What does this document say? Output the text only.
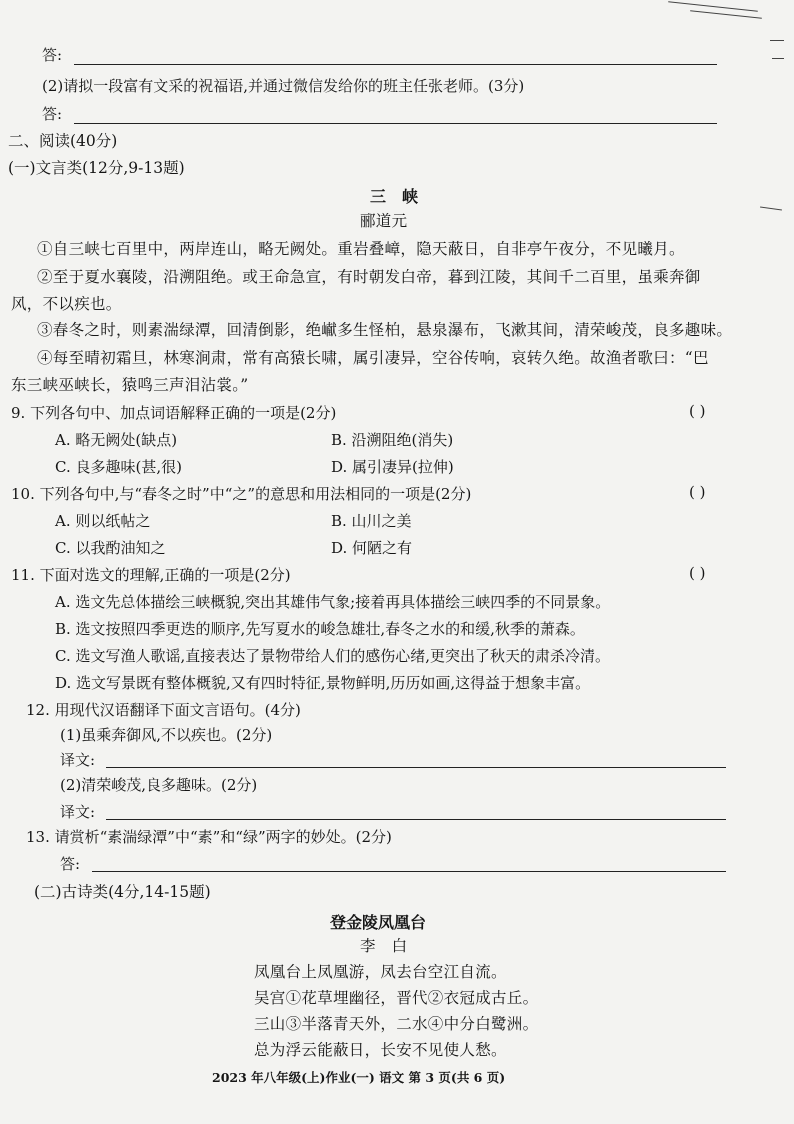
答:
(2)请拟一段富有文采的祝福语,并通过微信发给你的班主任张老师。(3分)
答:
二、阅读(40分)
(一)文言类(12分,9-13题)
三　峡
郦道元
①自三峡七百里中，两岸连山，略无阙处。重岩叠嶂，隐天蔽日，自非亭午夜分，不见曦月。
②至于夏水襄陵，沿溯阻绝。或王命急宣，有时朝发白帝，暮到江陵，其间千二百里，虽乘奔御
风，不以疾也。
③春冬之时，则素湍绿潭，回清倒影，绝𪩘多生怪柏，悬泉瀑布，飞漱其间，清荣峻茂，良多趣味。
④每至晴初霜旦，林寒涧肃，常有高猿长啸，属引凄异，空谷传响，哀转久绝。故渔者歌曰：“巴
东三峡巫峡长，猿鸣三声泪沾裳。”
9. 下列各句中、加点词语解释正确的一项是(2分)	( )
A. 略无阙处(缺点)	B. 沿溯阻绝(消失)
C. 良多趣味(甚,很)	D. 属引凄异(拉伸)
10. 下列各句中,与“春冬之时”中“之”的意思和用法相同的一项是(2分)	( )
A. 则以纸帖之	B. 山川之美
C. 以我酌油知之	D. 何陋之有
11. 下面对选文的理解,正确的一项是(2分)	( )
A. 选文先总体描绘三峡概貌,突出其雄伟气象;接着再具体描绘三峡四季的不同景象。
B. 选文按照四季更迭的顺序,先写夏水的峻急雄壮,春冬之水的和缓,秋季的萧森。
C. 选文写渔人歌谣,直接表达了景物带给人们的感伤心绪,更突出了秋天的肃杀冷清。
D. 选文写景既有整体概貌,又有四时特征,景物鲜明,历历如画,这得益于想象丰富。
12. 用现代汉语翻译下面文言语句。(4分)
(1)虽乘奔御风,不以疾也。(2分)
译文:
(2)清荣峻茂,良多趣味。(2分)
译文:
13. 请赏析“素湍绿潭”中“素”和“绿”两字的妙处。(2分)
答:
(二)古诗类(4分,14-15题)
登金陵凤凰台
李　白
凤凰台上凤凰游，凤去台空江自流。
吴宫①花草埋幽径，晋代②衣冠成古丘。
三山③半落青天外，二水④中分白鹭洲。
总为浮云能蔽日，长安不见使人愁。
2023 年八年级(上)作业(一) 语文 第 3 页(共 6 页)
